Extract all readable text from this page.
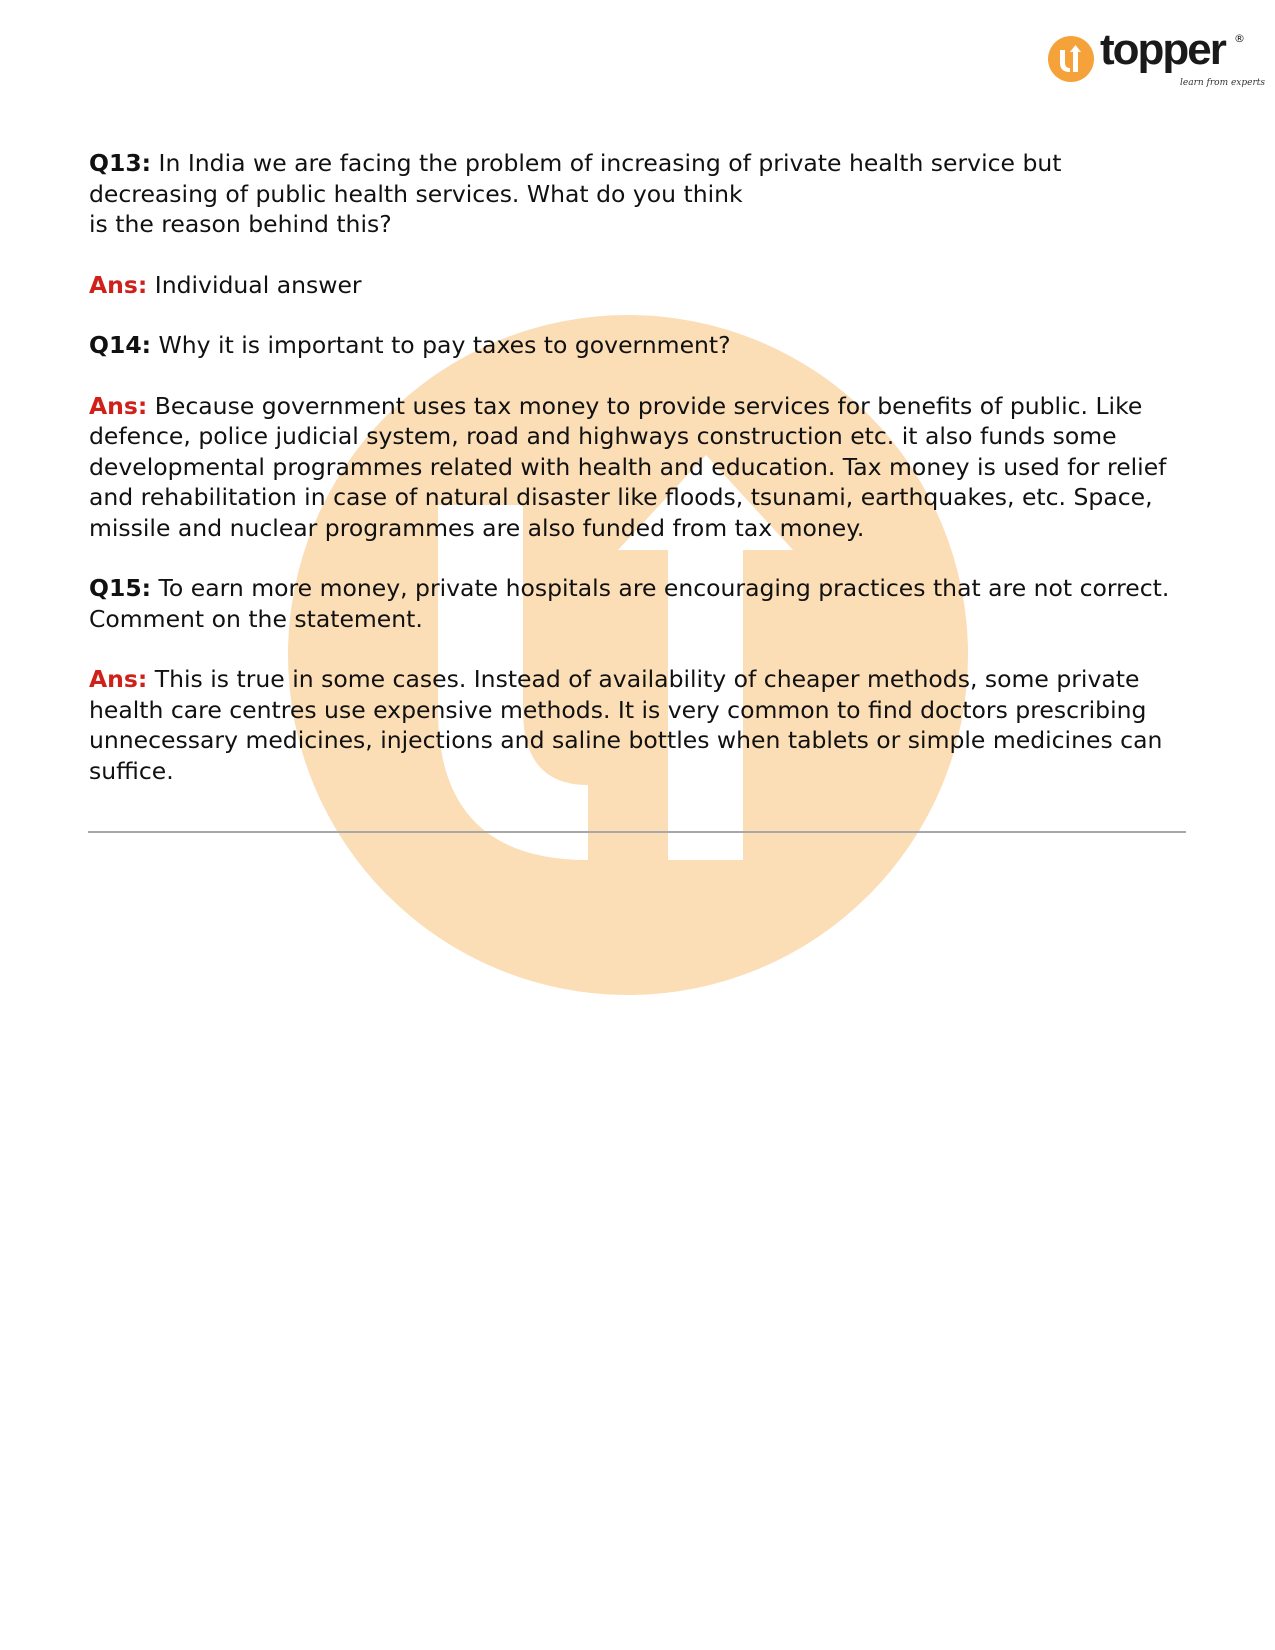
topper ®
learn from experts
Q13: In India we are facing the problem of increasing of private health service but decreasing of public health services. What do you think
is the reason behind this?
Ans: Individual answer
Q14: Why it is important to pay taxes to government?
Ans: Because government uses tax money to provide services for benefits of public. Like defence, police judicial system, road and highways construction etc. it also funds some developmental programmes related with health and education. Tax money is used for relief and rehabilitation in case of natural disaster like floods, tsunami, earthquakes, etc. Space, missile and nuclear programmes are also funded from tax money.
Q15: To earn more money, private hospitals are encouraging practices that are not correct. Comment on the statement.
Ans: This is true in some cases. Instead of availability of cheaper methods, some private health care centres use expensive methods. It is very common to find doctors prescribing unnecessary medicines, injections and saline bottles when tablets or simple medicines can suffice.
